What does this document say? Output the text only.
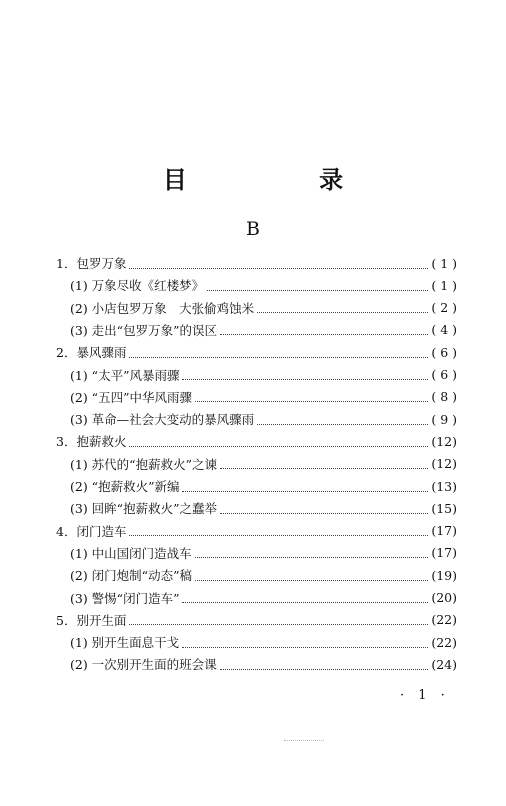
目 录
B
1．包罗万象	( 1 )
(1) 万象尽收《红楼梦》	( 1 )
(2) 小店包罗万象　大张偷鸡蚀米	( 2 )
(3) 走出“包罗万象”的误区	( 4 )
2．暴风骤雨	( 6 )
(1) “太平”风暴雨骤	( 6 )
(2) “五四”中华风雨骤	( 8 )
(3) 革命—社会大变动的暴风骤雨	( 9 )
3．抱薪救火	(12)
(1) 苏代的“抱薪救火”之谏	(12)
(2) “抱薪救火”新编	(13)
(3) 回眸“抱薪救火”之蠢举	(15)
4．闭门造车	(17)
(1) 中山国闭门造战车	(17)
(2) 闭门炮制“动态”稿	(19)
(3) 警惕“闭门造车”	(20)
5．别开生面	(22)
(1) 别开生面息干戈	(22)
(2) 一次别开生面的班会课	(24)
· 1 ·
